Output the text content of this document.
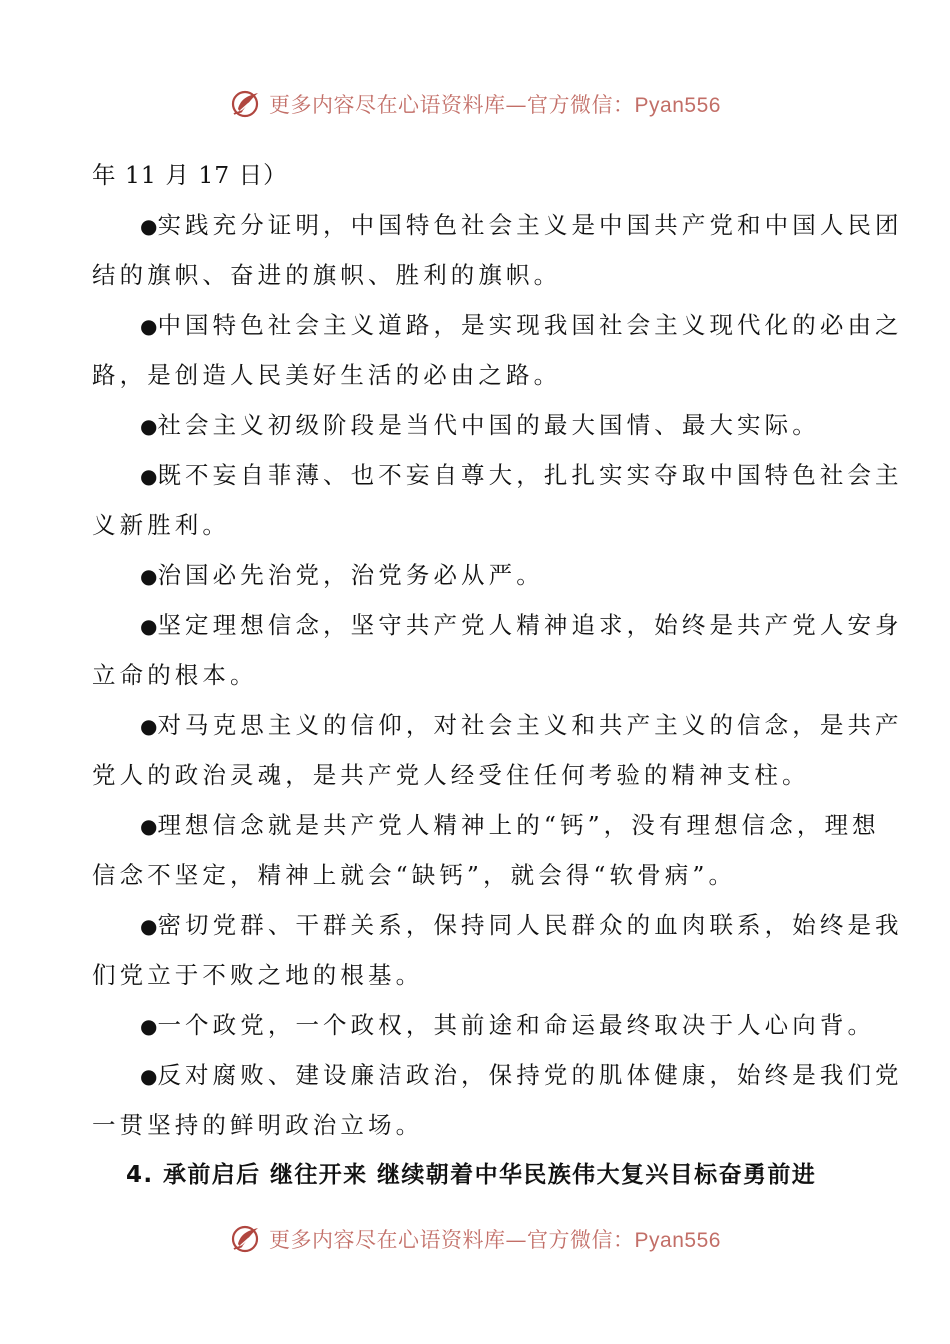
更多内容尽在心语资料库—官方微信：Pyan556
年 11 月 17 日）
●实践充分证明，中国特色社会主义是中国共产党和中国人民团
结的旗帜、奋进的旗帜、胜利的旗帜。
●中国特色社会主义道路，是实现我国社会主义现代化的必由之
路，是创造人民美好生活的必由之路。
●社会主义初级阶段是当代中国的最大国情、最大实际。
●既不妄自菲薄、也不妄自尊大，扎扎实实夺取中国特色社会主
义新胜利。
●治国必先治党，治党务必从严。
●坚定理想信念，坚守共产党人精神追求，始终是共产党人安身
立命的根本。
●对马克思主义的信仰，对社会主义和共产主义的信念，是共产
党人的政治灵魂，是共产党人经受住任何考验的精神支柱。
●理想信念就是共产党人精神上的“钙”，没有理想信念，理想
信念不坚定，精神上就会“缺钙”，就会得“软骨病”。
●密切党群、干群关系，保持同人民群众的血肉联系，始终是我
们党立于不败之地的根基。
●一个政党，一个政权，其前途和命运最终取决于人心向背。
●反对腐败、建设廉洁政治，保持党的肌体健康，始终是我们党
一贯坚持的鲜明政治立场。
4. 承前启后 继往开来 继续朝着中华民族伟大复兴目标奋勇前进
更多内容尽在心语资料库—官方微信：Pyan556
